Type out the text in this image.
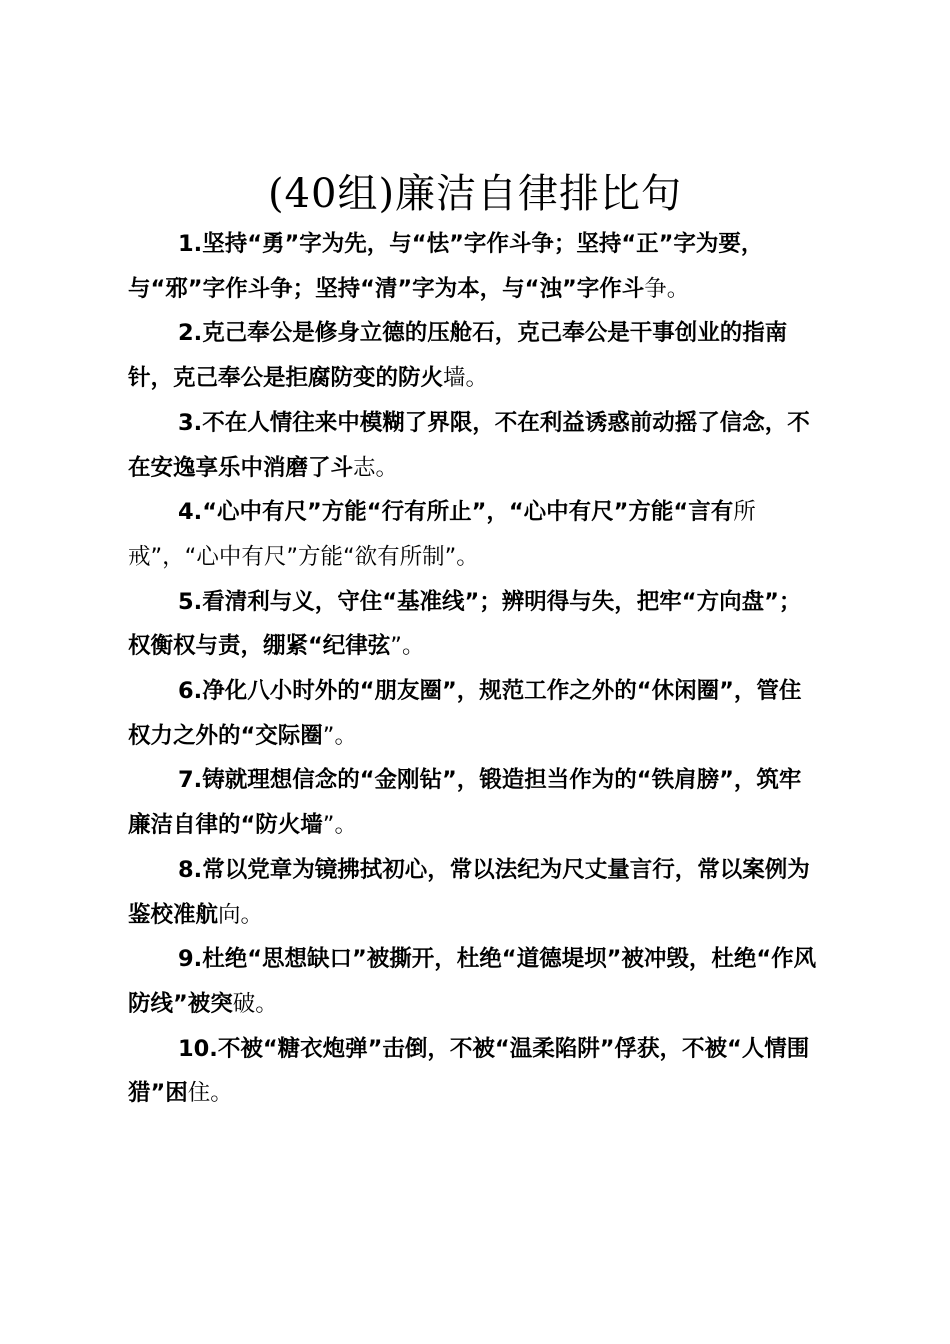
(40组)廉洁自律排比句

1.坚持“勇”字为先，与“怯”字作斗争；坚持“正”字为要，与“邪”字作斗争；坚持“清”字为本，与“浊”字作斗争。

2.克己奉公是修身立德的压舱石，克己奉公是干事创业的指南针，克己奉公是拒腐防变的防火墙。

3.不在人情往来中模糊了界限，不在利益诱惑前动摇了信念，不在安逸享乐中消磨了斗志。

4.“心中有尺”方能“行有所止”，“心中有尺”方能“言有所戒”，“心中有尺”方能“欲有所制”。

5.看清利与义，守住“基准线”；辨明得与失，把牢“方向盘”；权衡权与责，绷紧“纪律弦”。

6.净化八小时外的“朋友圈”，规范工作之外的“休闲圈”，管住权力之外的“交际圈”。

7.铸就理想信念的“金刚钻”，锻造担当作为的“铁肩膀”，筑牢廉洁自律的“防火墙”。

8.常以党章为镜拂拭初心，常以法纪为尺丈量言行，常以案例为鉴校准航向。

9.杜绝“思想缺口”被撕开，杜绝“道德堤坝”被冲毁，杜绝“作风防线”被突破。

10.不被“糖衣炮弹”击倒，不被“温柔陷阱”俘获，不被“人情围猎”困住。
